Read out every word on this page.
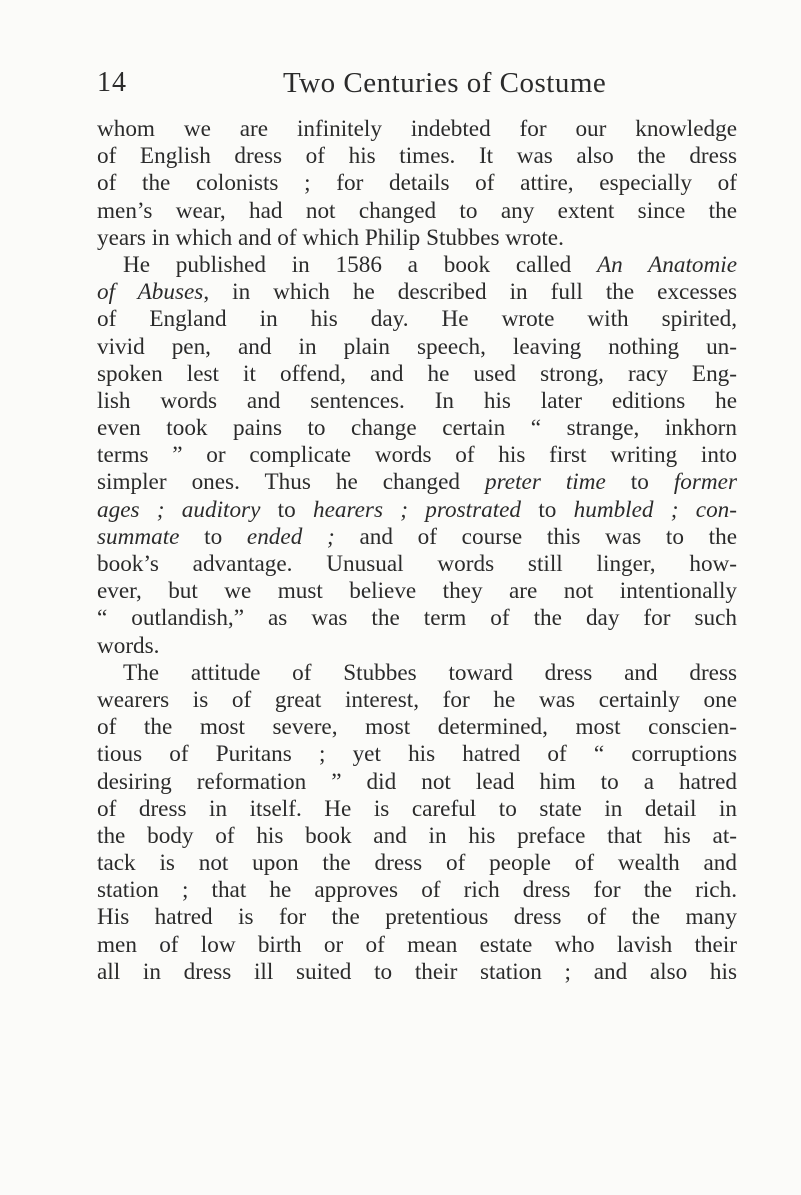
14	Two Centuries of Costume
whom we are infinitely indebted for our knowledge
of English dress of his times. It was also the dress
of the colonists ; for details of attire, especially of
men’s wear, had not changed to any extent since the
years in which and of which Philip Stubbes wrote.
He published in 1586 a book called An Anatomie
of Abuses, in which he described in full the excesses
of England in his day. He wrote with spirited,
vivid pen, and in plain speech, leaving nothing un-
spoken lest it offend, and he used strong, racy Eng-
lish words and sentences. In his later editions he
even took pains to change certain “ strange, inkhorn
terms ” or complicate words of his first writing into
simpler ones. Thus he changed preter time to former
ages ; auditory to hearers ; prostrated to humbled ; con-
summate to ended ; and of course this was to the
book’s advantage. Unusual words still linger, how-
ever, but we must believe they are not intentionally
“ outlandish,” as was the term of the day for such
words.
The attitude of Stubbes toward dress and dress
wearers is of great interest, for he was certainly one
of the most severe, most determined, most conscien-
tious of Puritans ; yet his hatred of “ corruptions
desiring reformation ” did not lead him to a hatred
of dress in itself. He is careful to state in detail in
the body of his book and in his preface that his at-
tack is not upon the dress of people of wealth and
station ; that he approves of rich dress for the rich.
His hatred is for the pretentious dress of the many
men of low birth or of mean estate who lavish their
all in dress ill suited to their station ; and also his
